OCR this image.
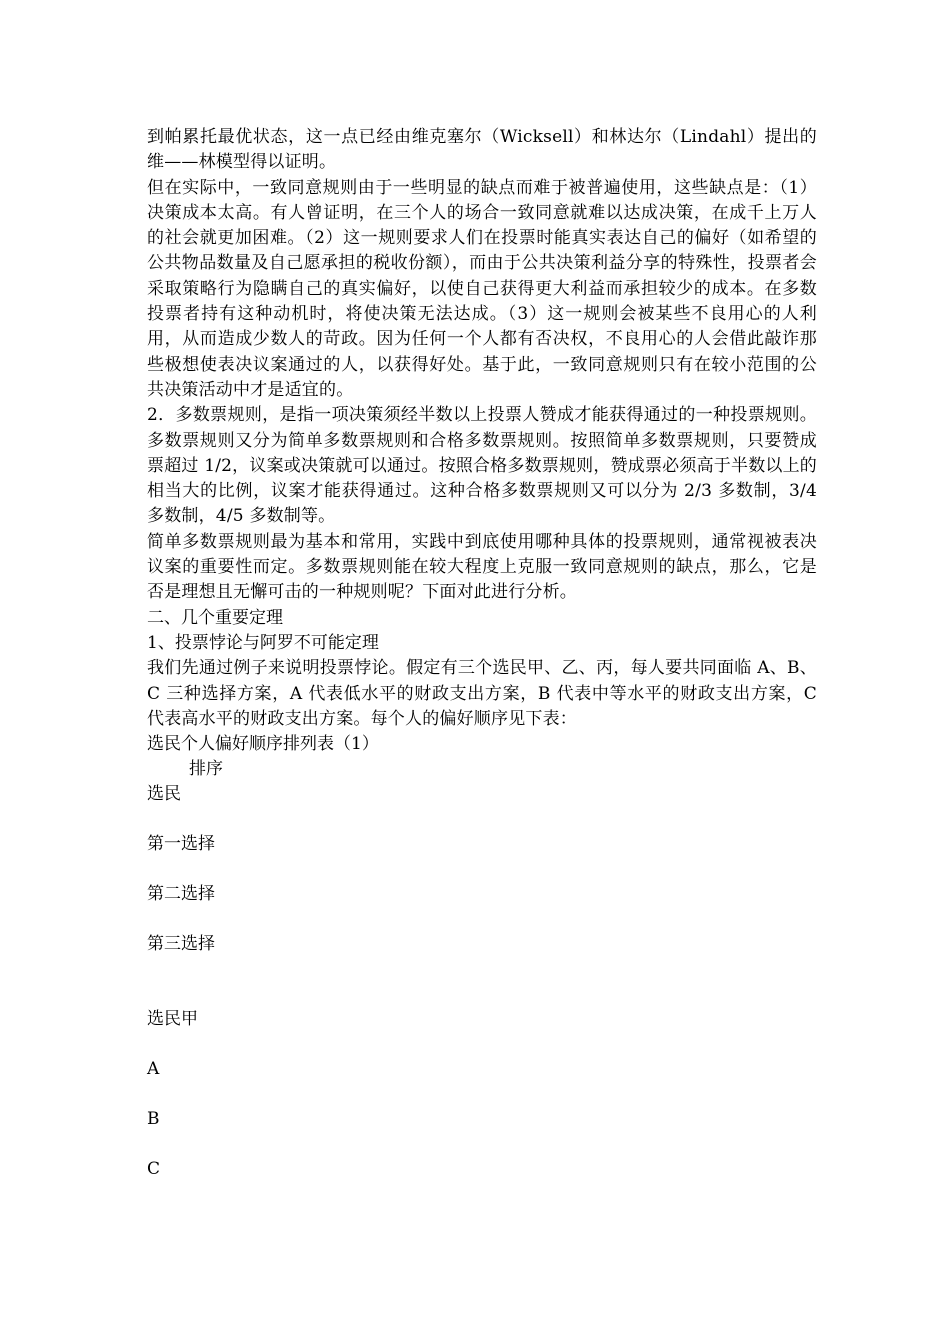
到帕累托最优状态，这一点已经由维克塞尔（Wicksell）和林达尔（Lindahl）提出的维——林模型得以证明。

但在实际中，一致同意规则由于一些明显的缺点而难于被普遍使用，这些缺点是：（1）决策成本太高。有人曾证明，在三个人的场合一致同意就难以达成决策，在成千上万人的社会就更加困难。（2）这一规则要求人们在投票时能真实表达自己的偏好（如希望的公共物品数量及自己愿承担的税收份额），而由于公共决策利益分享的特殊性，投票者会采取策略行为隐瞒自己的真实偏好，以使自己获得更大利益而承担较少的成本。在多数投票者持有这种动机时，将使决策无法达成。（3）这一规则会被某些不良用心的人利用，从而造成少数人的苛政。因为任何一个人都有否决权，不良用心的人会借此敲诈那些极想使表决议案通过的人，以获得好处。基于此，一致同意规则只有在较小范围的公共决策活动中才是适宜的。

2．多数票规则，是指一项决策须经半数以上投票人赞成才能获得通过的一种投票规则。多数票规则又分为简单多数票规则和合格多数票规则。按照简单多数票规则，只要赞成票超过 1/2，议案或决策就可以通过。按照合格多数票规则，赞成票必须高于半数以上的相当大的比例，议案才能获得通过。这种合格多数票规则又可以分为 2/3 多数制，3/4 多数制，4/5 多数制等。

简单多数票规则最为基本和常用，实践中到底使用哪种具体的投票规则，通常视被表决议案的重要性而定。多数票规则能在较大程度上克服一致同意规则的缺点，那么，它是否是理想且无懈可击的一种规则呢？下面对此进行分析。

二、几个重要定理

1、投票悖论与阿罗不可能定理

我们先通过例子来说明投票悖论。假定有三个选民甲、乙、丙，每人要共同面临 A、B、C 三种选择方案，A 代表低水平的财政支出方案，B 代表中等水平的财政支出方案，C 代表高水平的财政支出方案。每个人的偏好顺序见下表：

选民个人偏好顺序排列表（1）

排序

选民

第一选择

第二选择

第三选择

选民甲

A

B

C
